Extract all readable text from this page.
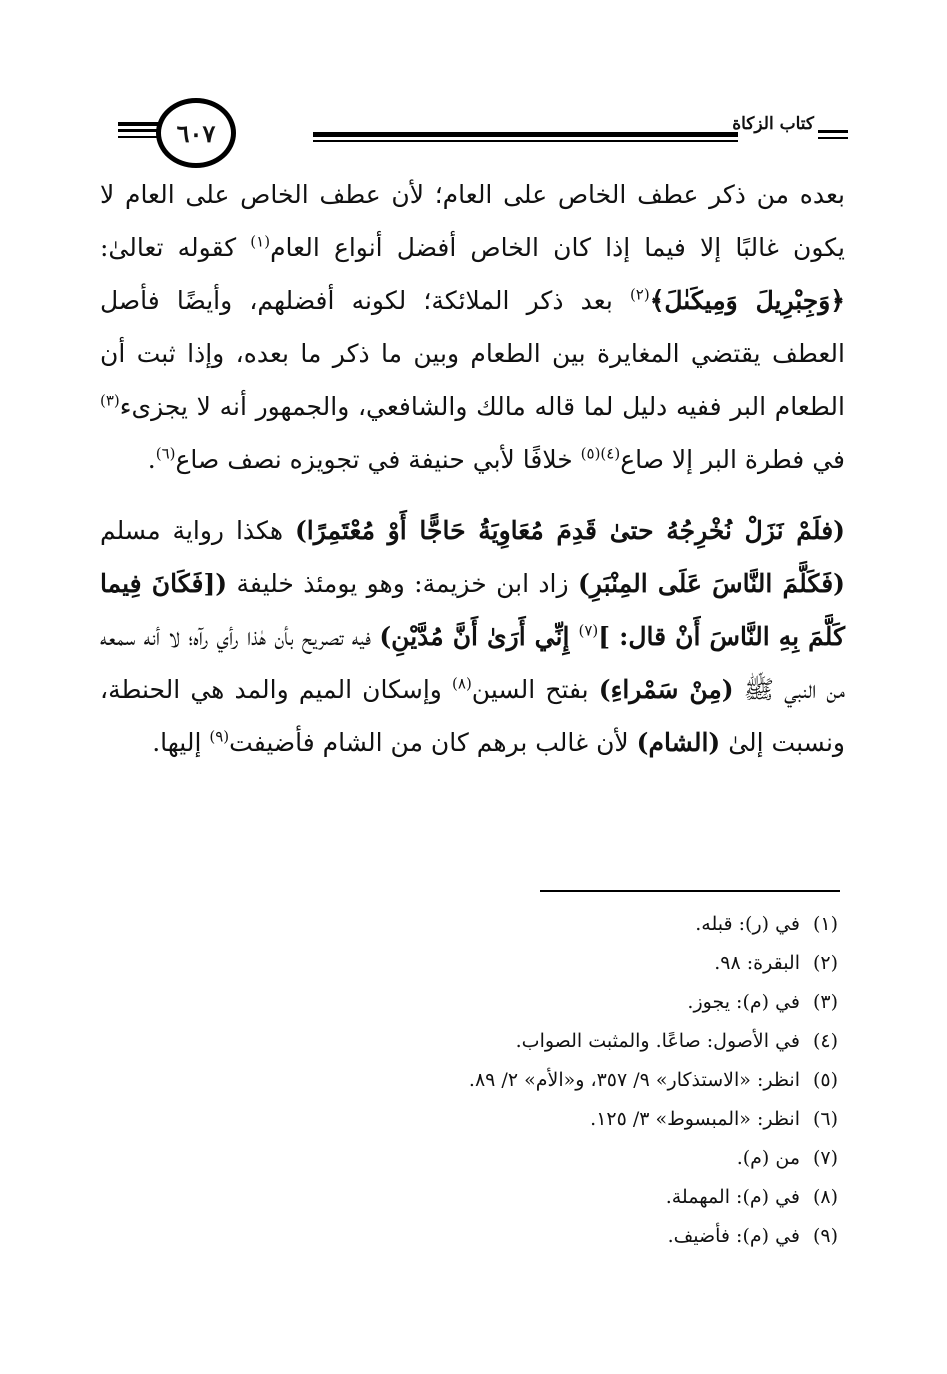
كتاب الزكاة
٦٠٧

بعده من ذكر عطف الخاص على العام؛ لأن عطف الخاص على العام لا يكون غالبًا إلا فيما إذا كان الخاص أفضل أنواع العام$^{(١)}$ كقوله تعالىٰ: ﴿وَجِبْرِيلَ وَمِيكَىٰلَ﴾$^{(٢)}$ بعد ذكر الملائكة؛ لكونه أفضلهم، وأيضًا فأصل العطف يقتضي المغايرة بين الطعام وبين ما ذكر ما بعده، وإذا ثبت أن الطعام البر ففيه دليل لما قاله مالك والشافعي، والجمهور أنه لا يجزىء$^{(٣)}$ في فطرة البر إلا صاع$^{(٤)(٥)}$ خلافًا لأبي حنيفة في تجويزه نصف صاع$^{(٦)}$.

(فلَمْ نَزَلْ نُخْرِجُهُ حتىٰ قَدِمَ مُعَاوِيَةُ حَاجًّا أَوْ مُعْتَمِرًا) هكذا رواية مسلم (فَكَلَّمَ النَّاسَ عَلَى المِنْبَرِ) زاد ابن خزيمة: وهو يومئذ خليفة ([فَكَانَ فِيما كَلَّمَ بِهِ النَّاسَ أَنْ قال: ]$^{(٧)}$ إِنِّي أَرَىٰ أَنَّ مُدَّيْنِ) فيه تصريح بأن هٰذا رأي رآه؛ لا أنه سمعه من النبي ﷺ (مِنْ سَمْراءِ) بفتح السين$^{(٨)}$ وإسكان الميم والمد هي الحنطة، ونسبت إلىٰ (الشام) لأن غالب برهم كان من الشام فأضيفت$^{(٩)}$ إليها.

(١)في (ر): قبله.
(٢)البقرة: ٩٨.
(٣)في (م): يجوز.
(٤)في الأصول: صاعًا. والمثبت الصواب.
(٥)انظر: «الاستذكار» ٩/ ٣٥٧، و«الأم» ٢/ ٨٩.
(٦)انظر: «المبسوط» ٣/ ١٢٥.
(٧)من (م).
(٨)في (م): المهملة.
(٩)في (م): فأضيف.
